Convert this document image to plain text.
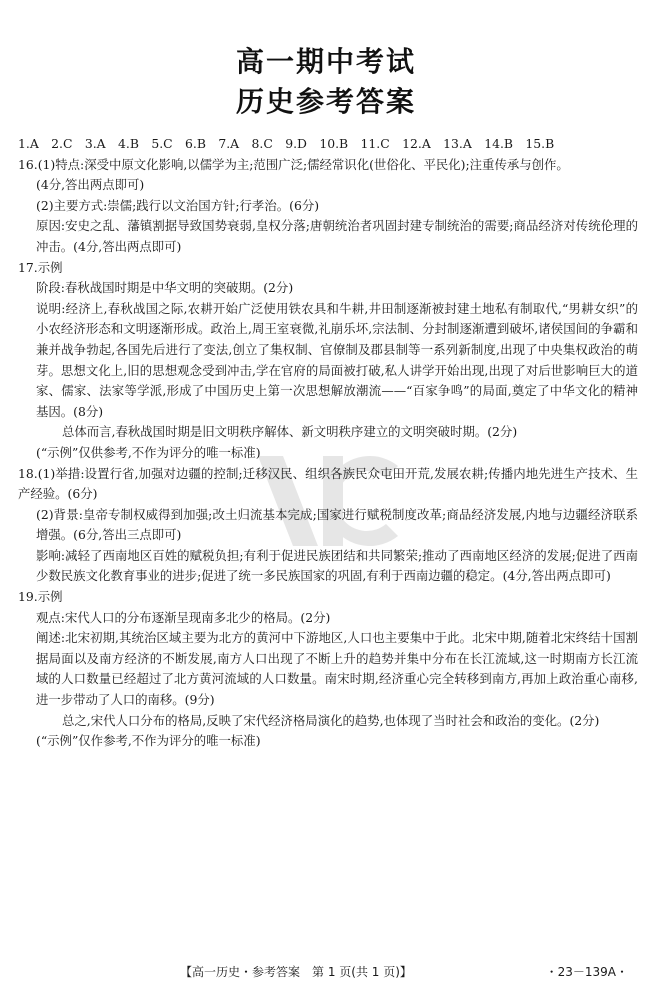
高一期中考试
历史参考答案

1.A　2.C　3.A　4.B　5.C　6.B　7.A　8.C　9.D　10.B　11.C　12.A　13.A　14.B　15.B

16.(1)特点:深受中原文化影响,以儒学为主;范围广泛;儒经常识化(世俗化、平民化);注重传承与创作。

(4分,答出两点即可)

(2)主要方式:崇儒;践行以文治国方针;行孝治。(6分)

原因:安史之乱、藩镇割据导致国势衰弱,皇权分落;唐朝统治者巩固封建专制统治的需要;商品经济对传统伦理的冲击。(4分,答出两点即可)

17.示例

阶段:春秋战国时期是中华文明的突破期。(2分)

说明:经济上,春秋战国之际,农耕开始广泛使用铁农具和牛耕,井田制逐渐被封建土地私有制取代,“男耕女织”的小农经济形态和文明逐渐形成。政治上,周王室衰微,礼崩乐坏,宗法制、分封制逐渐遭到破坏,诸侯国间的争霸和兼并战争勃起,各国先后进行了变法,创立了集权制、官僚制及郡县制等一系列新制度,出现了中央集权政治的萌芽。思想文化上,旧的思想观念受到冲击,学在官府的局面被打破,私人讲学开始出现,出现了对后世影响巨大的道家、儒家、法家等学派,形成了中国历史上第一次思想解放潮流——“百家争鸣”的局面,奠定了中华文化的精神基因。(8分)

总体而言,春秋战国时期是旧文明秩序解体、新文明秩序建立的文明突破时期。(2分)

(“示例”仅供参考,不作为评分的唯一标准)

18.(1)举措:设置行省,加强对边疆的控制;迁移汉民、组织各族民众屯田开荒,发展农耕;传播内地先进生产技术、生产经验。(6分)

(2)背景:皇帝专制权威得到加强;改土归流基本完成;国家进行赋税制度改革;商品经济发展,内地与边疆经济联系增强。(6分,答出三点即可)

影响:减轻了西南地区百姓的赋税负担;有利于促进民族团结和共同繁荣;推动了西南地区经济的发展;促进了西南少数民族文化教育事业的进步;促进了统一多民族国家的巩固,有利于西南边疆的稳定。(4分,答出两点即可)

19.示例

观点:宋代人口的分布逐渐呈现南多北少的格局。(2分)

阐述:北宋初期,其统治区域主要为北方的黄河中下游地区,人口也主要集中于此。北宋中期,随着北宋终结十国割据局面以及南方经济的不断发展,南方人口出现了不断上升的趋势并集中分布在长江流域,这一时期南方长江流域的人口数量已经超过了北方黄河流域的人口数量。南宋时期,经济重心完全转移到南方,再加上政治重心南移,进一步带动了人口的南移。(9分)

总之,宋代人口分布的格局,反映了宋代经济格局演化的趋势,也体现了当时社会和政治的变化。(2分)

(“示例”仅作参考,不作为评分的唯一标准)

【高一历史・参考答案　第 1 页(共 1 页)】	・23－139A・
